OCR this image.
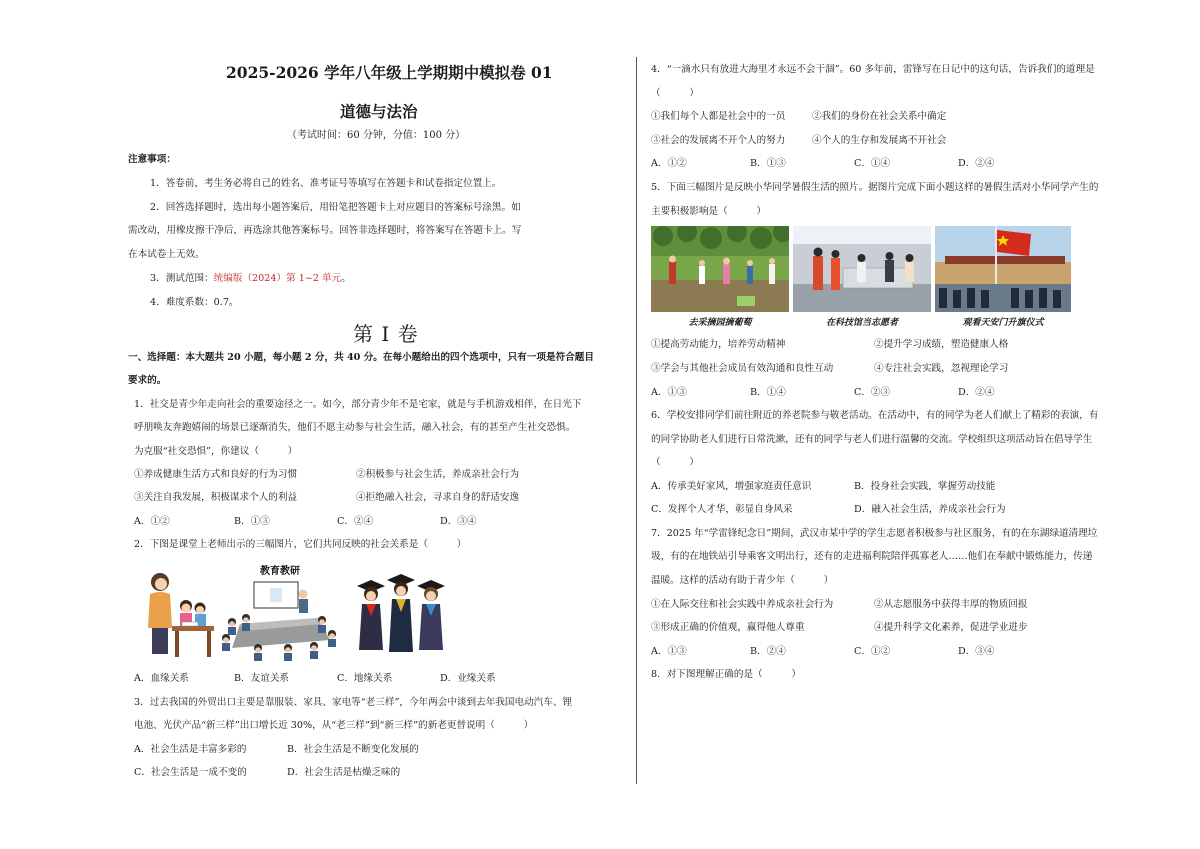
2025-2026 学年八年级上学期期中模拟卷 01
道德与法治
（考试时间：60 分钟，分值：100 分）
注意事项：
1．答卷前，考生务必将自己的姓名、准考证号等填写在答题卡和试卷指定位置上。
2．回答选择题时，选出每小题答案后，用铅笔把答题卡上对应题目的答案标号涂黑。如
需改动，用橡皮擦干净后，再选涂其他答案标号。回答非选择题时，将答案写在答题卡上。写
在本试卷上无效。
3．测试范围：统编版（2024）第 1~2 单元。
4．难度系数：0.7。
第 I 卷
一、选择题：本大题共 20 小题，每小题 2 分，共 40 分。在每小题给出的四个选项中，只有一项是符合题目
要求的。
1．社交是青少年走向社会的重要途径之一。如今，部分青少年不是宅家，就是与手机游戏相伴，在日光下
呼朋唤友奔跑嬉闹的场景已逐渐消失，他们不愿主动参与社会生活，融入社会，有的甚至产生社交恐惧。
为克服“社交恐惧”，你建议（　　　）
①养成健康生活方式和良好的行为习惯	②积极参与社会生活，养成亲社会行为
③关注自我发展，积极谋求个人的利益	④拒绝融入社会，寻求自身的舒适安逸
A．①②	B．①③	C．②④	D．③④
2．下图是课堂上老师出示的三幅图片，它们共同反映的社会关系是（　　　）
教育教研
A．血缘关系	B．友谊关系	C．地缘关系	D．业缘关系
3．过去我国的外贸出口主要是靠服装、家具、家电等“老三样”，今年两会中谈到去年我国电动汽车、锂
电池、光伏产品“新三样”出口增长近 30%，从“老三样”到“新三样”的新老更替说明（　　　）
A．社会生活是丰富多彩的	B．社会生活是不断变化发展的
C．社会生活是一成不变的	D．社会生活是枯燥乏味的
4．“一滴水只有放进大海里才永远不会干涸”。60 多年前，雷锋写在日记中的这句话，告诉我们的道理是
（　　　）
①我们每个人都是社会中的一员	②我们的身份在社会关系中确定
③社会的发展离不开个人的努力	④个人的生存和发展离不开社会
A．①②	B．①③	C．①④	D．②④
5．下面三幅图片是反映小华同学暑假生活的照片。据图片完成下面小题这样的暑假生活对小华同学产生的
主要积极影响是（　　　）
去采摘园摘葡萄	在科技馆当志愿者	观看天安门升旗仪式
①提高劳动能力，培养劳动精神	②提升学习成绩，塑造健康人格
③学会与其他社会成员有效沟通和良性互动	④专注社会实践，忽视理论学习
A．①③	B．①④	C．②③	D．②④
6．学校安排同学们前往附近的养老院参与敬老活动。在活动中，有的同学为老人们献上了精彩的表演，有
的同学协助老人们进行日常洗漱，还有的同学与老人们进行温馨的交流。学校组织这项活动旨在倡导学生
（　　　）
A．传承美好家风，增强家庭责任意识	B．投身社会实践，掌握劳动技能
C．发挥个人才华，彰显自身风采	D．融入社会生活，养成亲社会行为
7．2025 年“学雷锋纪念日”期间，武汉市某中学的学生志愿者积极参与社区服务，有的在东湖绿道清理垃
圾，有的在地铁站引导乘客文明出行，还有的走进福利院陪伴孤寡老人……他们在奉献中锻炼能力，传递
温暖。这样的活动有助于青少年（　　　）
①在人际交往和社会实践中养成亲社会行为	②从志愿服务中获得丰厚的物质回报
③形成正确的价值观，赢得他人尊重	④提升科学文化素养，促进学业进步
A．①③	B．②④	C．①②	D．③④
8．对下图理解正确的是（　　　）
